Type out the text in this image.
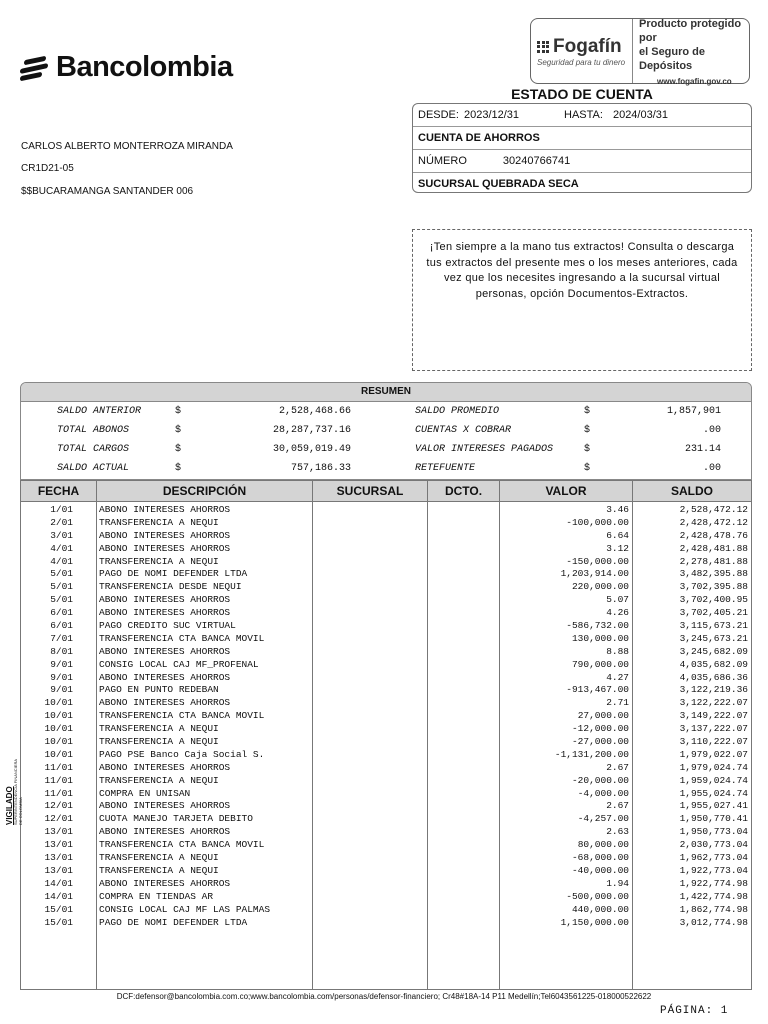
Bancolombia
Fogafín
Seguridad para tu dinero
Producto protegido por
el Seguro de Depósitos
www.fogafin.gov.co
ESTADO DE CUENTA
DESDE: 2023/12/31	HASTA: 2024/03/31
CUENTA DE AHORROS
NÚMERO	30240766741
SUCURSAL QUEBRADA SECA
CARLOS ALBERTO MONTERROZA MIRANDA
CR1D21-05
$$BUCARAMANGA SANTANDER 006
¡Ten siempre a la mano tus extractos! Consulta o descarga tus extractos del presente mes o los meses anteriores, cada vez que los necesites ingresando a la sucursal virtual personas, opción Documentos-Extractos.
RESUMEN
SALDO ANTERIOR	$	2,528,468.66	SALDO PROMEDIO	$	1,857,901
TOTAL ABONOS	$	28,287,737.16	CUENTAS X COBRAR	$	.00
TOTAL CARGOS	$	30,059,019.49	VALOR INTERESES PAGADOS	$	231.14
SALDO ACTUAL	$	757,186.33	RETEFUENTE	$	.00
FECHA	DESCRIPCIÓN	SUCURSAL	DCTO.	VALOR	SALDO
1/01	ABONO INTERESES AHORROS	3.46	2,528,472.12
2/01	TRANSFERENCIA A NEQUI	-100,000.00	2,428,472.12
3/01	ABONO INTERESES AHORROS	6.64	2,428,478.76
4/01	ABONO INTERESES AHORROS	3.12	2,428,481.88
4/01	TRANSFERENCIA A NEQUI	-150,000.00	2,278,481.88
5/01	PAGO DE NOMI DEFENDER LTDA	1,203,914.00	3,482,395.88
5/01	TRANSFERENCIA DESDE NEQUI	220,000.00	3,702,395.88
5/01	ABONO INTERESES AHORROS	5.07	3,702,400.95
6/01	ABONO INTERESES AHORROS	4.26	3,702,405.21
6/01	PAGO CREDITO SUC VIRTUAL	-586,732.00	3,115,673.21
7/01	TRANSFERENCIA CTA BANCA MOVIL	130,000.00	3,245,673.21
8/01	ABONO INTERESES AHORROS	8.88	3,245,682.09
9/01	CONSIG LOCAL CAJ MF_PROFENAL	790,000.00	4,035,682.09
9/01	ABONO INTERESES AHORROS	4.27	4,035,686.36
9/01	PAGO EN PUNTO REDEBAN	-913,467.00	3,122,219.36
10/01	ABONO INTERESES AHORROS	2.71	3,122,222.07
10/01	TRANSFERENCIA CTA BANCA MOVIL	27,000.00	3,149,222.07
10/01	TRANSFERENCIA A NEQUI	-12,000.00	3,137,222.07
10/01	TRANSFERENCIA A NEQUI	-27,000.00	3,110,222.07
10/01	PAGO PSE Banco Caja Social S.	-1,131,200.00	1,979,022.07
11/01	ABONO INTERESES AHORROS	2.67	1,979,024.74
11/01	TRANSFERENCIA A NEQUI	-20,000.00	1,959,024.74
11/01	COMPRA EN UNISAN	-4,000.00	1,955,024.74
12/01	ABONO INTERESES AHORROS	2.67	1,955,027.41
12/01	CUOTA MANEJO TARJETA DEBITO	-4,257.00	1,950,770.41
13/01	ABONO INTERESES AHORROS	2.63	1,950,773.04
13/01	TRANSFERENCIA CTA BANCA MOVIL	80,000.00	2,030,773.04
13/01	TRANSFERENCIA A NEQUI	-68,000.00	1,962,773.04
13/01	TRANSFERENCIA A NEQUI	-40,000.00	1,922,773.04
14/01	ABONO INTERESES AHORROS	1.94	1,922,774.98
14/01	COMPRA EN TIENDAS AR	-500,000.00	1,422,774.98
15/01	CONSIG LOCAL CAJ MF LAS PALMAS	440,000.00	1,862,774.98
15/01	PAGO DE NOMI DEFENDER LTDA	1,150,000.00	3,012,774.98
VIGILADO SUPERINTENDENCIA FINANCIERA
DE COLOMBIA
DCF:defensor@bancolombia.com.co;www.bancolombia.com/personas/defensor-financiero; Cr48#18A-14 P11 Medellín;Tel6043561225-018000522622
PÁGINA: 1
